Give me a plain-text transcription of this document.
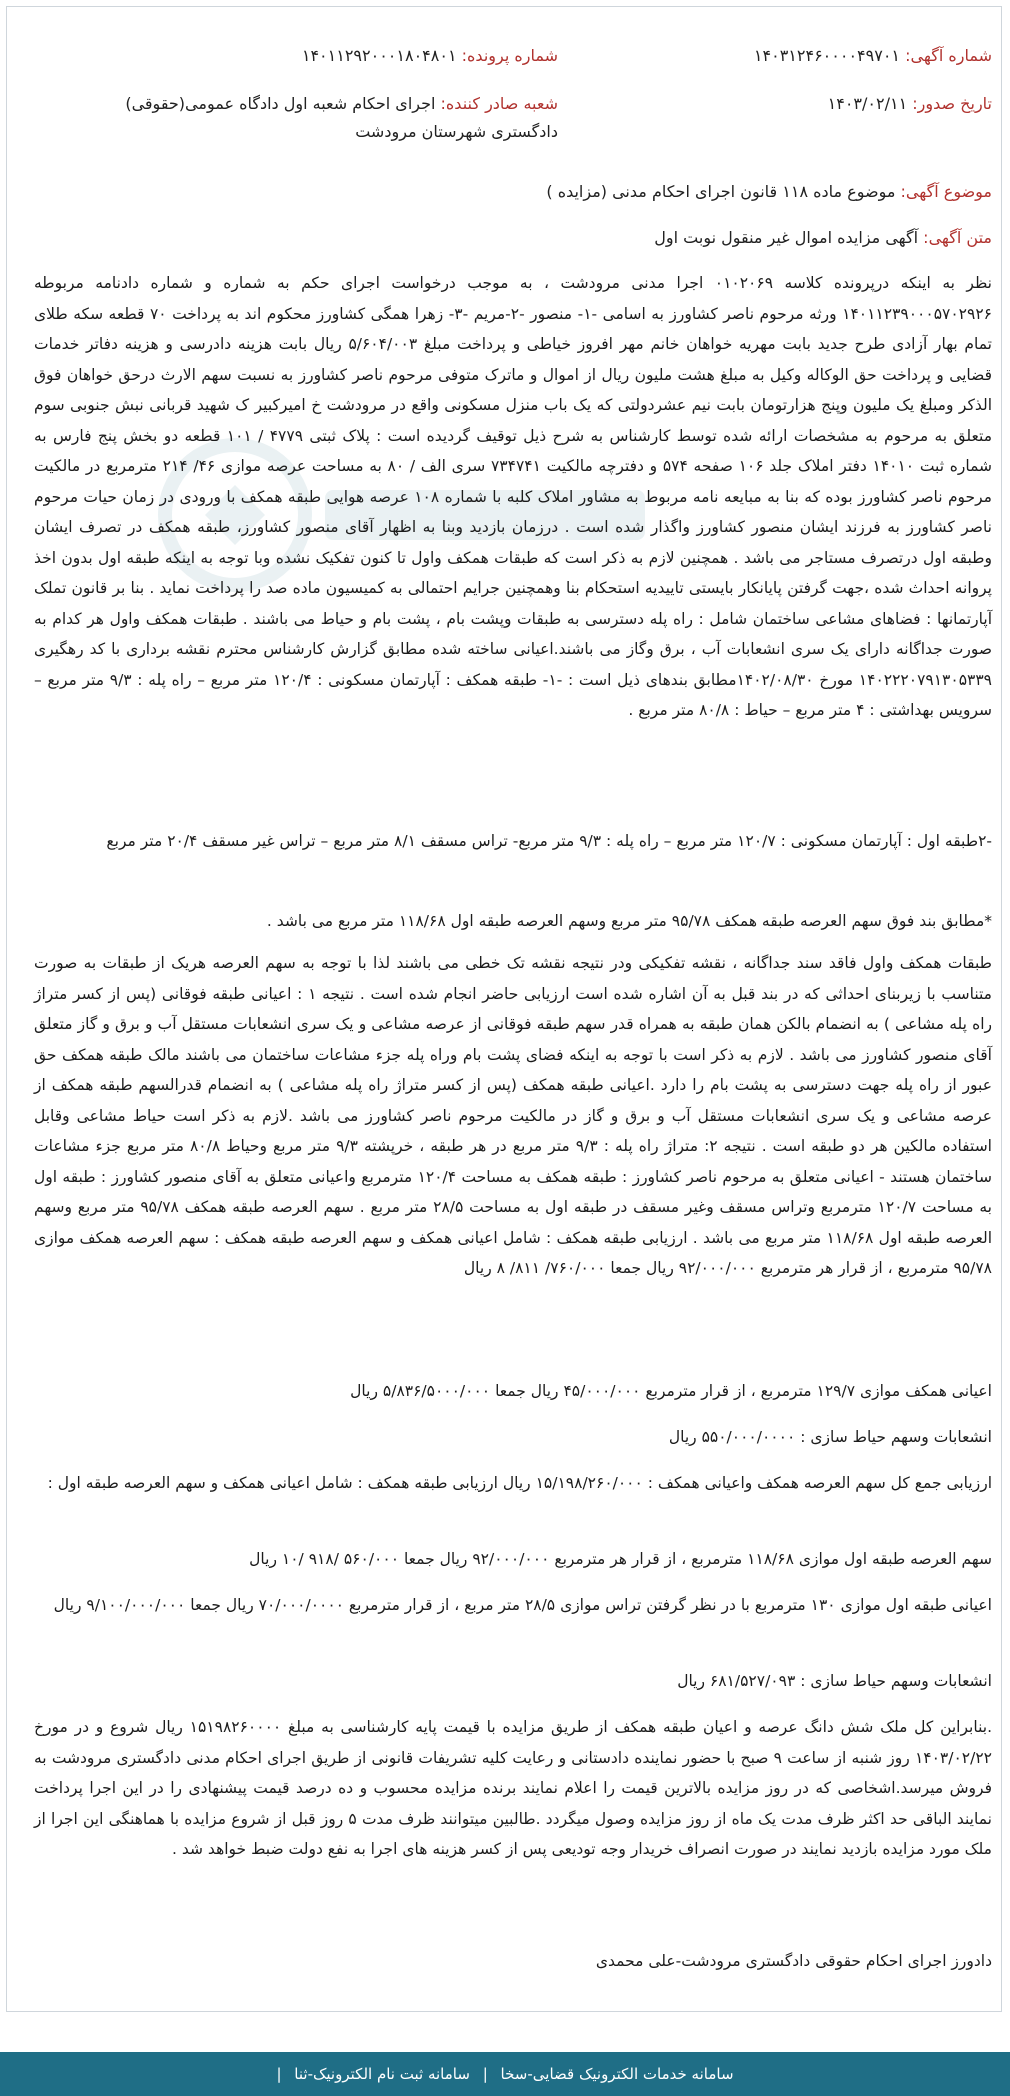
شماره آگهی: ۱۴۰۳۱۲۴۶۰۰۰۰۴۹۷۰۱
شماره پرونده: ۱۴۰۱۱۲۹۲۰۰۰۱۸۰۴۸۰۱
تاریخ صدور: ۱۴۰۳/۰۲/۱۱
شعبه صادر کننده: اجرای احکام شعبه اول دادگاه عمومی(حقوقی) دادگستری شهرستان مرودشت
موضوع آگهی: موضوع ماده ۱۱۸ قانون اجرای احکام مدنی (مزایده )
متن آگهی: آگهی مزایده اموال غیر منقول نوبت اول

نظر به اینکه درپرونده کلاسه ۰۱۰۲۰۶۹ اجرا مدنی مرودشت ، به موجب درخواست اجرای حکم به شماره و شماره دادنامه مربوطه ۱۴۰۱۱۲۳۹۰۰۰۵۷۰۲۹۲۶ ورثه مرحوم ناصر کشاورز به اسامی -۱- منصور -۲-مریم -۳- زهرا همگی کشاورز محکوم اند به پرداخت ۷۰ قطعه سکه طلای تمام بهار آزادی طرح جدید بابت مهریه خواهان خانم مهر افروز خیاطی و پرداخت مبلغ ۵/۶۰۴/۰۰۳ ریال بابت هزینه دادرسی و هزینه دفاتر خدمات قضایی و پرداخت حق الوکاله وکیل به مبلغ هشت ملیون ریال از اموال و ماترک متوفی مرحوم ناصر کشاورز به نسبت سهم الارث درحق خواهان فوق الذکر ومبلغ یک ملیون وپنج هزارتومان بابت نیم عشردولتی که یک باب منزل مسکونی واقع در مرودشت خ امیرکبیر ک شهید قربانی نبش جنوبی سوم متعلق به مرحوم به مشخصات ارائه شده توسط کارشناس به شرح ذیل توقیف گردیده است : پلاک ثبتی ۴۷۷۹ / ۱۰۱ قطعه دو بخش پنج فارس به شماره ثبت ۱۴۰۱۰ دفتر املاک جلد ۱۰۶ صفحه ۵۷۴ و دفترچه مالکیت ۷۳۴۷۴۱ سری الف / ۸۰ به مساحت عرصه موازی ۴۶/ ۲۱۴ مترمربع در مالکیت مرحوم ناصر کشاورز بوده که بنا به مبایعه نامه مربوط به مشاور املاک کلبه با شماره ۱۰۸ عرصه هوایی طبقه همکف با ورودی در زمان حیات مرحوم ناصر کشاورز به فرزند ایشان منصور کشاورز واگذار شده است . درزمان بازدید وبنا به اظهار آقای منصور کشاورز، طبقه همکف در تصرف ایشان وطبقه اول درتصرف مستاجر می باشد . همچنین لازم به ذکر است که طبقات همکف واول تا کنون تفکیک نشده وبا توجه به اینکه طبقه اول بدون اخذ پروانه احداث شده ،جهت گرفتن پایانکار بایستی تاییدیه استحکام بنا وهمچنین جرایم احتمالی به کمیسیون ماده صد را پرداخت نماید . بنا بر قانون تملک آپارتمانها : فضاهای مشاعی ساختمان شامل : راه پله دسترسی به طبقات وپشت بام ، پشت بام و حیاط می باشند . طبقات همکف واول هر کدام به صورت جداگانه دارای یک سری انشعابات آب ، برق وگاز می باشند.اعیانی ساخته شده مطابق گزارش کارشناس محترم نقشه برداری با کد رهگیری ۱۴۰۲۲۲۰۷۹۱۳۰۵۳۳۹ مورخ ۱۴۰۲/۰۸/۳۰مطابق بندهای ذیل است : -۱- طبقه همکف : آپارتمان مسکونی : ۱۲۰/۴ متر مربع – راه پله : ۹/۳ متر مربع – سرویس بهداشتی : ۴ متر مربع – حیاط : ۸۰/۸ متر مربع .

-۲طبقه اول : آپارتمان مسکونی : ۱۲۰/۷ متر مربع – راه پله : ۹/۳ متر مربع- تراس مسقف ۸/۱ متر مربع – تراس غیر مسقف ۲۰/۴ متر مربع

*مطابق بند فوق سهم العرصه طبقه همکف ۹۵/۷۸ متر مربع وسهم العرصه طبقه اول ۱۱۸/۶۸ متر مربع می باشد .

طبقات همکف واول فاقد سند جداگانه ، نقشه تفکیکی ودر نتیجه نقشه تک خطی می باشند لذا با توجه به سهم العرصه هریک از طبقات به صورت متناسب با زیربنای احداثی که در بند قبل به آن اشاره شده است ارزیابی حاضر انجام شده است . نتیجه ۱ : اعیانی طبقه فوقانی (پس از کسر متراژ راه پله مشاعی ) به انضمام بالکن همان طبقه به همراه قدر سهم طبقه فوقانی از عرصه مشاعی و یک سری انشعابات مستقل آب و برق و گاز متعلق آقای منصور کشاورز می باشد . لازم به ذکر است با توجه به اینکه فضای پشت بام وراه پله جزء مشاعات ساختمان می باشند مالک طبقه همکف حق عبور از راه پله جهت دسترسی به پشت بام را دارد .اعیانی طبقه همکف (پس از کسر متراژ راه پله مشاعی ) به انضمام قدرالسهم طبقه همکف از عرصه مشاعی و یک سری انشعابات مستقل آب و برق و گاز در مالکیت مرحوم ناصر کشاورز می باشد .لازم به ذکر است حیاط مشاعی وقابل استفاده مالکین هر دو طبقه است . نتیجه ۲: متراژ راه پله : ۹/۳ متر مربع در هر طبقه ، خرپشته ۹/۳ متر مربع وحیاط ۸۰/۸ متر مربع جزء مشاعات ساختمان هستند - اعیانی متعلق به مرحوم ناصر کشاورز : طبقه همکف به مساحت ۱۲۰/۴ مترمربع واعیانی متعلق به آقای منصور کشاورز : طبقه اول به مساحت ۱۲۰/۷ مترمربع وتراس مسقف وغیر مسقف در طبقه اول به مساحت ۲۸/۵ متر مربع . سهم العرصه طبقه همکف ۹۵/۷۸ متر مربع وسهم العرصه طبقه اول ۱۱۸/۶۸ متر مربع می باشد . ارزیابی طبقه همکف : شامل اعیانی همکف و سهم العرصه طبقه همکف : سهم العرصه همکف موازی ۹۵/۷۸ مترمربع ، از قرار هر مترمربع ۹۲/۰۰۰/۰۰۰ ریال جمعا ۷۶۰/۰۰۰/ ۸۱۱/ ۸ ریال

اعیانی همکف موازی ۱۲۹/۷ مترمربع ، از قرار مترمربع ۴۵/۰۰۰/۰۰۰ ریال جمعا ۵/۸۳۶/۵۰۰۰/۰۰۰ ریال

انشعابات وسهم حیاط سازی : ۵۵۰/۰۰۰/۰۰۰۰ ریال

ارزیابی جمع کل سهم العرصه همکف واعیانی همکف : ۱۵/۱۹۸/۲۶۰/۰۰۰ ریال ارزیابی طبقه همکف : شامل اعیانی همکف و سهم العرصه طبقه اول :

سهم العرصه طبقه اول موازی ۱۱۸/۶۸ مترمربع ، از قرار هر مترمربع ۹۲/۰۰۰/۰۰۰ ریال جمعا ۵۶۰/۰۰۰ /۹۱۸ /۱۰ ریال

اعیانی طبقه اول موازی ۱۳۰ مترمربع با در نظر گرفتن تراس موازی ۲۸/۵ متر مربع ، از قرار مترمربع ۷۰/۰۰۰/۰۰۰۰ ریال جمعا ۹/۱۰۰/۰۰۰/۰۰۰ ریال

انشعابات وسهم حیاط سازی : ۶۸۱/۵۲۷/۰۹۳ ریال

.بنابراین کل ملک شش دانگ عرصه و اعیان طبقه همکف از طریق مزایده با قیمت پایه کارشناسی به مبلغ ۱۵۱۹۸۲۶۰۰۰۰ ریال شروع و در مورخ ۱۴۰۳/۰۲/۲۲ روز شنبه از ساعت ۹ صبح با حضور نماینده دادستانی و رعایت کلیه تشریفات قانونی از طریق اجرای احکام مدنی دادگستری مرودشت به فروش میرسد.اشخاصی که در روز مزایده بالاترین قیمت را اعلام نمایند برنده مزایده محسوب و ده درصد قیمت پیشنهادی را در این اجرا پرداخت نمایند الباقی حد اکثر ظرف مدت یک ماه از روز مزایده وصول میگردد .طالبین میتوانند ظرف مدت ۵ روز قبل از شروع مزایده با هماهنگی این اجرا از ملک مورد مزایده بازدید نمایند در صورت انصراف خریدار وجه تودیعی پس از کسر هزینه های اجرا به نفع دولت ضبط خواهد شد .

دادورز اجرای احکام حقوقی دادگستری مرودشت-علی محمدی

سامانه خدمات الکترونیک قضایی-سخا | سامانه ثبت نام الکترونیک-ثنا |
